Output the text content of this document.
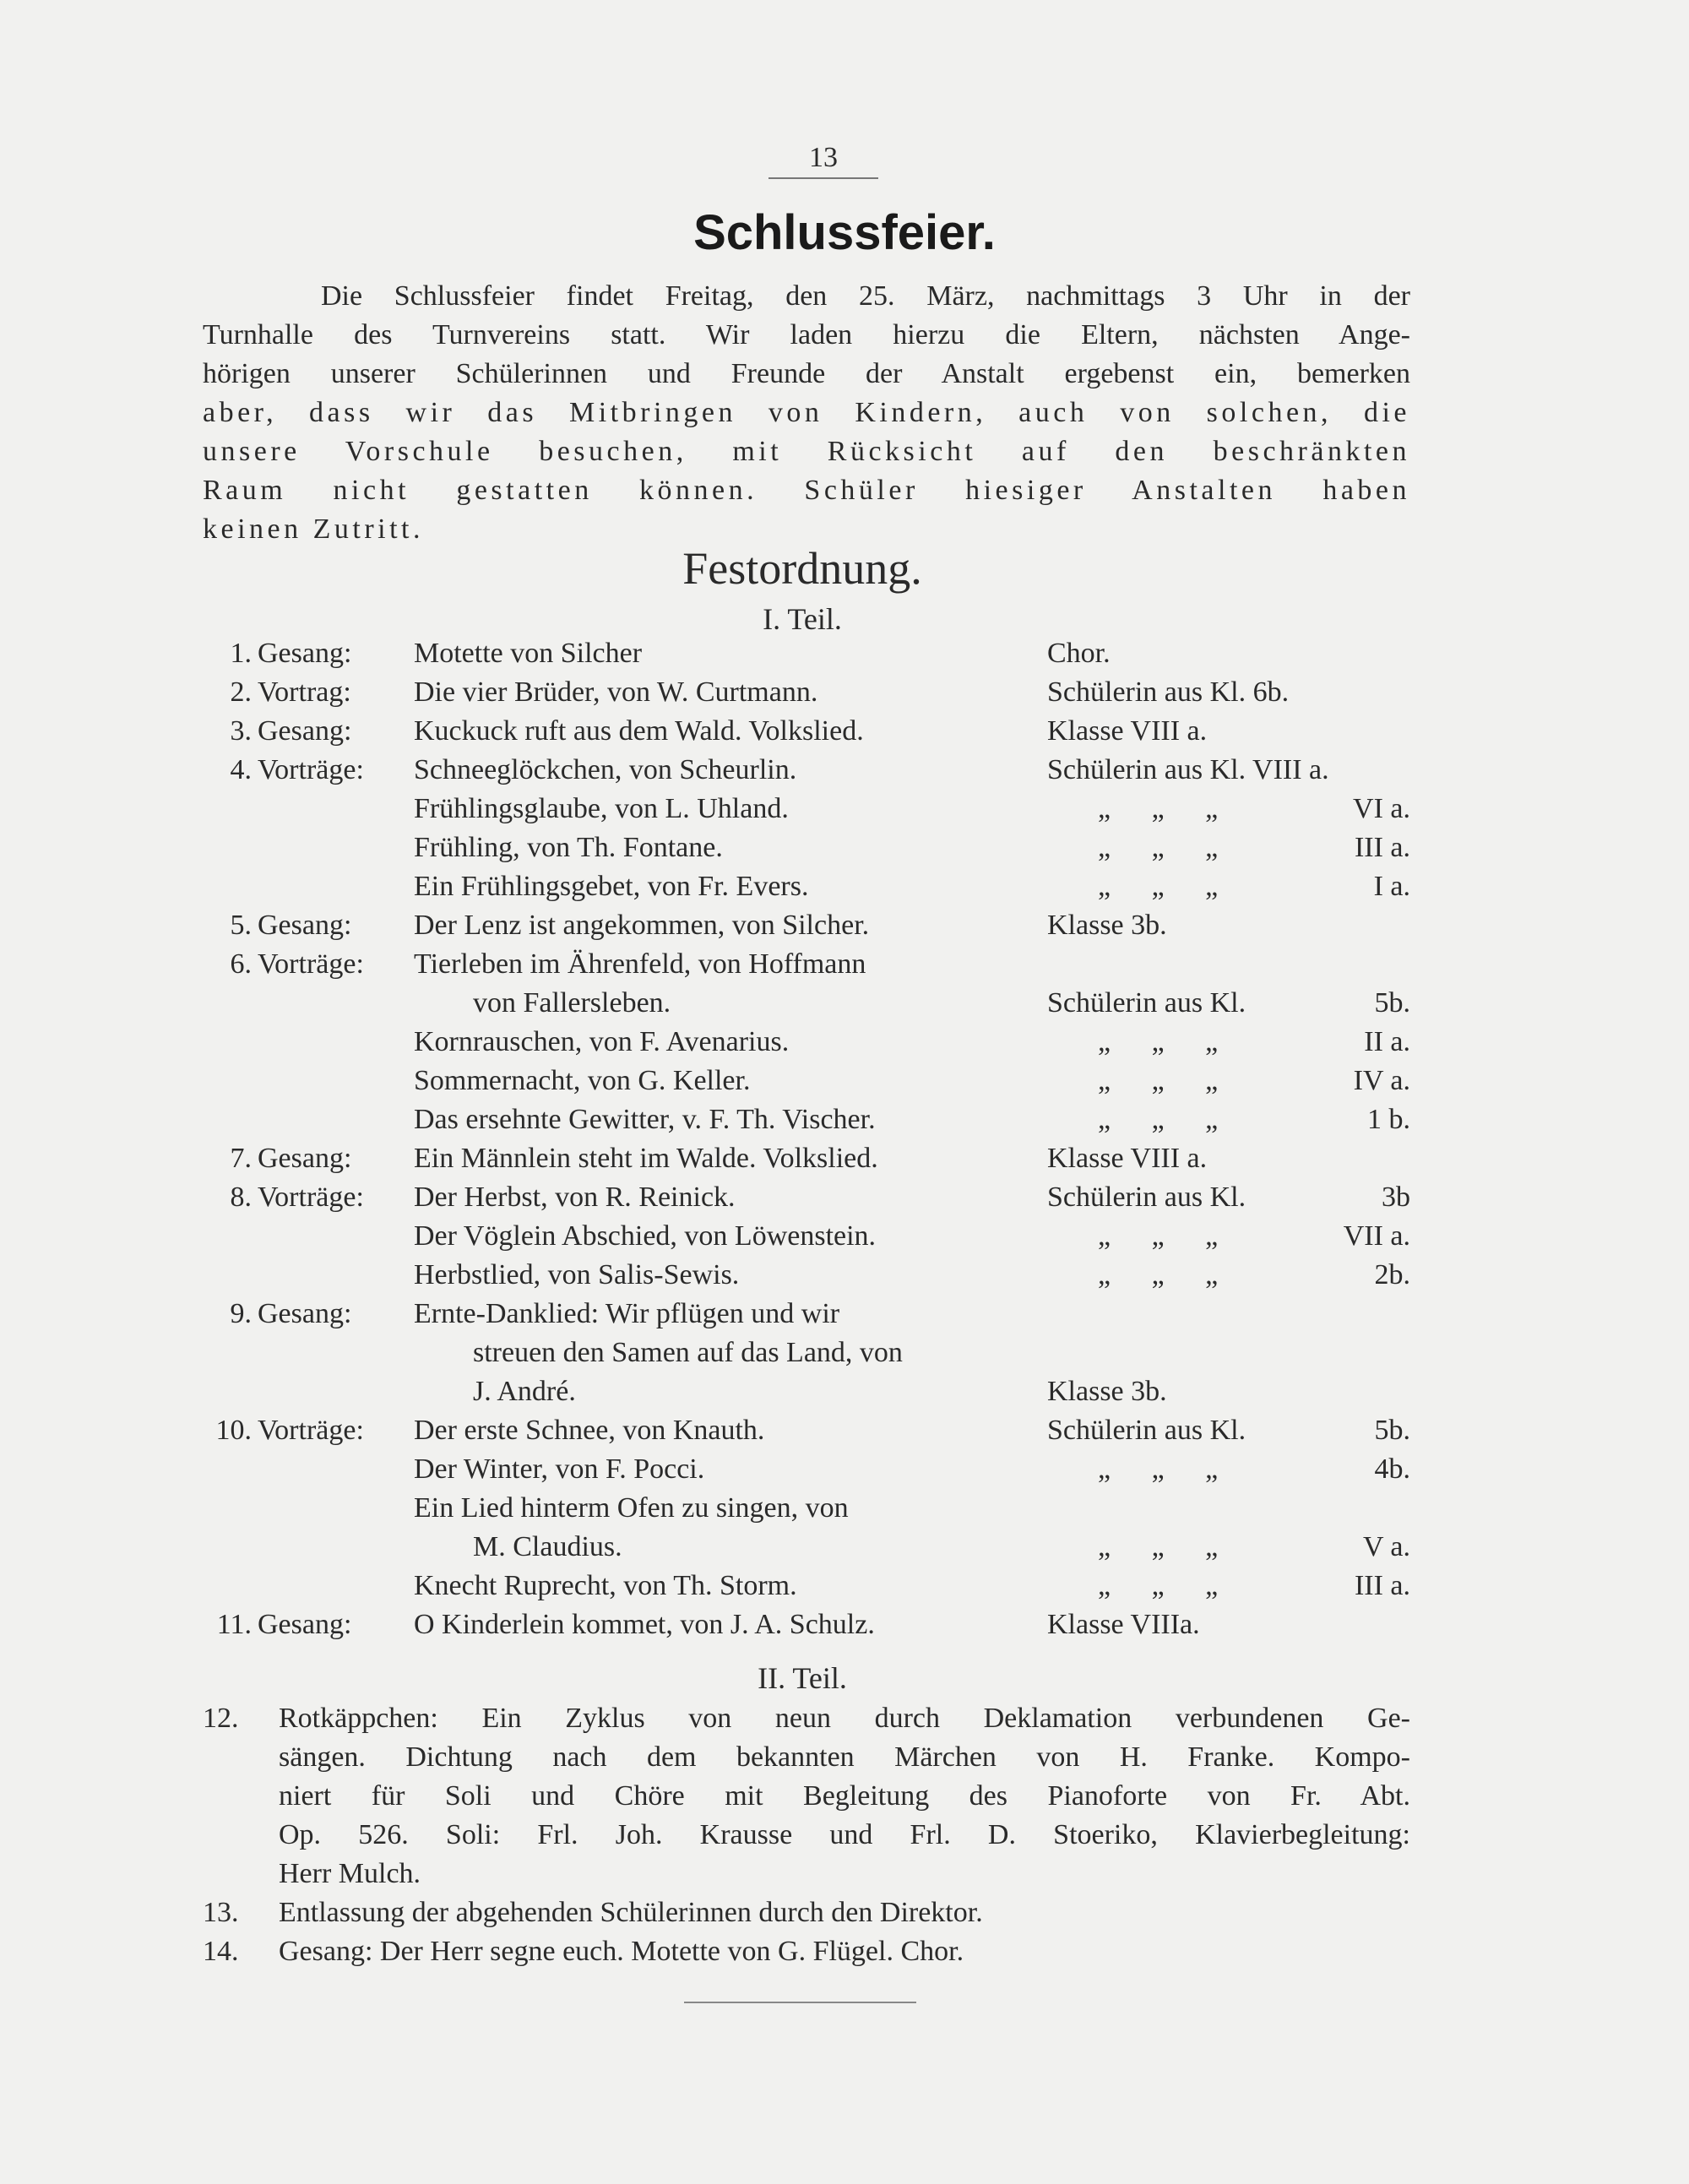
13
Schlussfeier.
Die Schlussfeier findet Freitag, den 25. März, nachmittags 3 Uhr in der
Turnhalle des Turnvereins statt. Wir laden hierzu die Eltern, nächsten Ange-
hörigen unserer Schülerinnen und Freunde der Anstalt ergebenst ein, bemerken
aber, dass wir das Mitbringen von Kindern, auch von solchen, die
unsere Vorschule besuchen, mit Rücksicht auf den beschränkten
Raum nicht gestatten können. Schüler hiesiger Anstalten haben
keinen Zutritt.
Festordnung.
I. Teil.
1. Gesang: Motette von Silcher	Chor.
2. Vortrag: Die vier Brüder, von W. Curtmann.	Schülerin aus Kl. 6b.
3. Gesang: Kuckuck ruft aus dem Wald. Volkslied.	Klasse VIII a.
4. Vorträge: Schneeglöckchen, von Scheurlin.	Schülerin aus Kl. VIII a.
Frühlingsglaube, von L. Uhland.	„ „ „	VI a.
Frühling, von Th. Fontane.	„ „ „	III a.
Ein Frühlingsgebet, von Fr. Evers.	„ „ „	I a.
5. Gesang: Der Lenz ist angekommen, von Silcher.	Klasse 3b.
6. Vorträge: Tierleben im Ährenfeld, von Hoffmann
von Fallersleben.	Schülerin aus Kl.	5b.
Kornrauschen, von F. Avenarius.	„ „ „	II a.
Sommernacht, von G. Keller.	„ „ „	IV a.
Das ersehnte Gewitter, v. F. Th. Vischer.	„ „ „	1 b.
7. Gesang: Ein Männlein steht im Walde. Volkslied.	Klasse VIII a.
8. Vorträge: Der Herbst, von R. Reinick.	Schülerin aus Kl.	3b
Der Vöglein Abschied, von Löwenstein.	„ „ „	VII a.
Herbstlied, von Salis-Sewis.	„ „ „	2b.
9. Gesang: Ernte-Danklied: Wir pflügen und wir
streuen den Samen auf das Land, von
J. André.	Klasse 3b.
10. Vorträge: Der erste Schnee, von Knauth.	Schülerin aus Kl.	5b.
Der Winter, von F. Pocci.	„ „ „	4b.
Ein Lied hinterm Ofen zu singen, von
M. Claudius.	„ „ „	V a.
Knecht Ruprecht, von Th. Storm.	„ „ „	III a.
11. Gesang: O Kinderlein kommet, von J. A. Schulz.	Klasse VIIIa.
II. Teil.
12.	Rotkäppchen: Ein Zyklus von neun durch Deklamation verbundenen Ge-
sängen. Dichtung nach dem bekannten Märchen von H. Franke. Kompo-
niert für Soli und Chöre mit Begleitung des Pianoforte von Fr. Abt.
Op. 526. Soli: Frl. Joh. Krausse und Frl. D. Stoeriko, Klavierbegleitung:
Herr Mulch.
13.	Entlassung der abgehenden Schülerinnen durch den Direktor.
14.	Gesang: Der Herr segne euch. Motette von G. Flügel. Chor.
